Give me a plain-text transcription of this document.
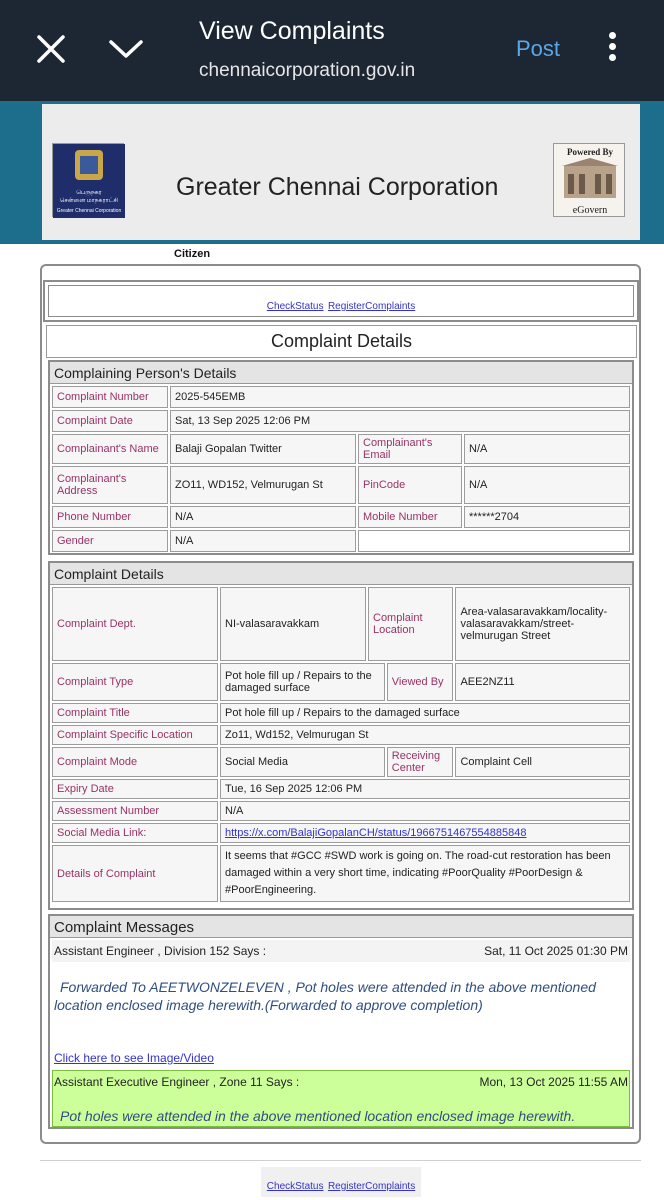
View Complaints
chennaicorporation.gov.in
Post
பெருநகர
சென்னை மாநகராட்சி
Greater Chennai Corporation
Greater Chennai Corporation
Powered By
eGovern
Citizen
CheckStatus RegisterComplaints
Complaint Details
Complaining Person's Details
Complaint Number	2025-545EMB		
Complaint Date	Sat, 13 Sep 2025 12:06 PM		
Complainant's Name	Balaji Gopalan Twitter	Complainant's Email	N/A
Complainant's Address	ZO11, WD152, Velmurugan St	PinCode	N/A
Phone Number	N/A	Mobile Number	******2704
Gender	N/A		
Complaint Details
Complaint Dept.	NI-valasaravakkam	Complaint Location		Area-valasaravakkam/locality-valasaravakkam/street-velmurugan Street
Complaint Type	Pot hole fill up / Repairs to the damaged surface		Viewed By	AEE2NZ11
Complaint Title	Pot hole fill up / Repairs to the damaged surface			
Complaint Specific Location	Zo11, Wd152, Velmurugan St			
Complaint Mode	Social Media		Receiving Center	Complaint Cell
Expiry Date	Tue, 16 Sep 2025 12:06 PM			
Assessment Number	N/A			
Social Media Link:	https://x.com/BalajiGopalanCH/status/1966751467554885848			
Details of Complaint	It seems that #GCC #SWD work is going on. The road-cut restoration has been damaged within a very short time, indicating #PoorQuality #PoorDesign & #PoorEngineering.			
Complaint Messages
Assistant Engineer , Division 152 Says :	Sat, 11 Oct 2025 01:30 PM
Forwarded To AEETWONZELEVEN , Pot holes were attended in the above mentioned location enclosed image herewith.(Forwarded to approve completion)
Click here to see Image/Video
Assistant Executive Engineer , Zone 11 Says :	Mon, 13 Oct 2025 11:55 AM
Pot holes were attended in the above mentioned location enclosed image herewith.
CheckStatus RegisterComplaints
